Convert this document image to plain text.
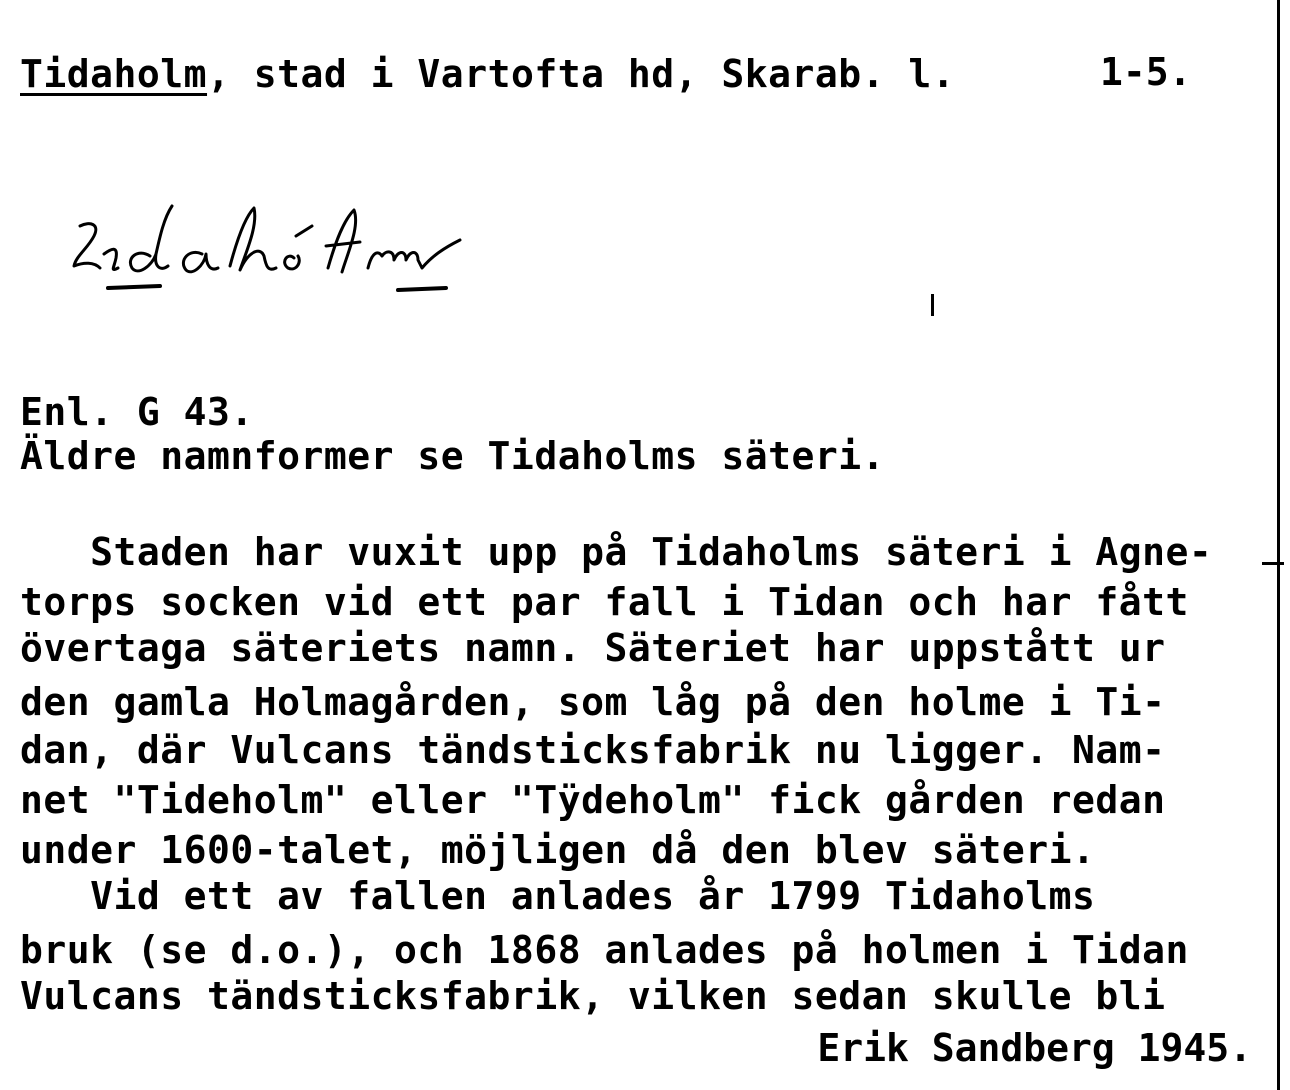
Tidaholm, stad i Vartofta hd, Skarab. l.	1-5.
Enl. G 43.
Äldre namnformer se Tidaholms säteri.
Staden har vuxit upp på Tidaholms säteri i Agne-
torps socken vid ett par fall i Tidan och har fått
övertaga säteriets namn. Säteriet har uppstått ur
den gamla Holmagården, som låg på den holme i Ti-
dan, där Vulcans tändsticksfabrik nu ligger. Nam-
net "Tideholm" eller "Tÿdeholm" fick gården redan
under 1600-talet, möjligen då den blev säteri.
Vid ett av fallen anlades år 1799 Tidaholms
bruk (se d.o.), och 1868 anlades på holmen i Tidan
Vulcans tändsticksfabrik, vilken sedan skulle bli
Erik Sandberg 1945.
